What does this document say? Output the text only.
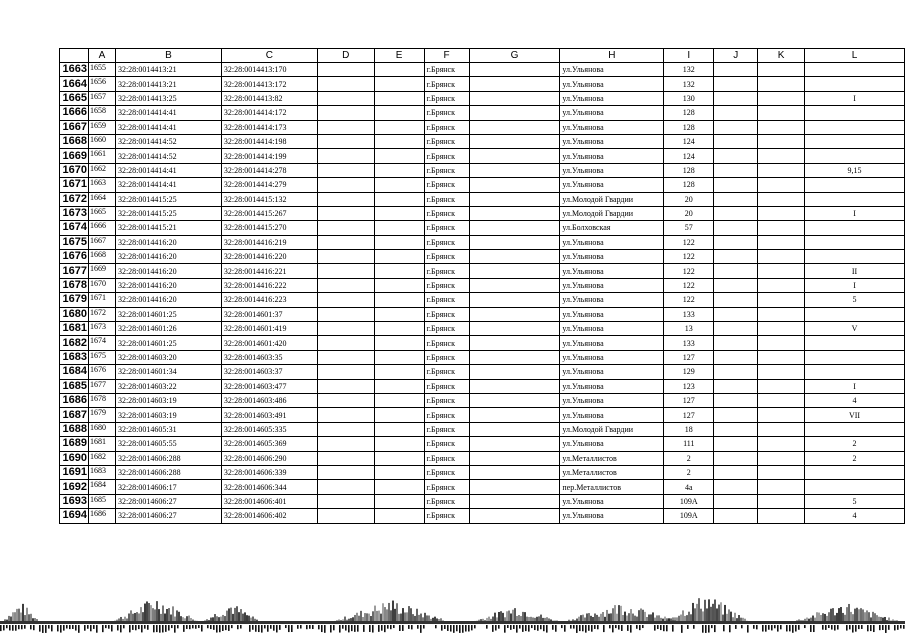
	A	B	C	D	E	F	G	H	I	J	K	L
1663	1655	32:28:0014413:21	32:28:0014413:170			г.Брянск		ул.Ульянова	132			
1664	1656	32:28:0014413:21	32:28:0014413:172			г.Брянск		ул.Ульянова	132			
1665	1657	32:28:0014413:25	32:28:0014413:82			г.Брянск		ул.Ульянова	130			I
1666	1658	32:28:0014414:41	32:28:0014414:172			г.Брянск		ул.Ульянова	128			
1667	1659	32:28:0014414:41	32:28:0014414:173			г.Брянск		ул.Ульянова	128			
1668	1660	32:28:0014414:52	32:28:0014414:198			г.Брянск		ул.Ульянова	124			
1669	1661	32:28:0014414:52	32:28:0014414:199			г.Брянск		ул.Ульянова	124			
1670	1662	32:28:0014414:41	32:28:0014414:278			г.Брянск		ул.Ульянова	128			9,15
1671	1663	32:28:0014414:41	32:28:0014414:279			г.Брянск		ул.Ульянова	128			
1672	1664	32:28:0014415:25	32:28:0014415:132			г.Брянск		ул.Молодой Гвардии	20			
1673	1665	32:28:0014415:25	32:28:0014415:267			г.Брянск		ул.Молодой Гвардии	20			I
1674	1666	32:28:0014415:21	32:28:0014415:270			г.Брянск		ул.Болховская	57			
1675	1667	32:28:0014416:20	32:28:0014416:219			г.Брянск		ул.Ульянова	122			
1676	1668	32:28:0014416:20	32:28:0014416:220			г.Брянск		ул.Ульянова	122			
1677	1669	32:28:0014416:20	32:28:0014416:221			г.Брянск		ул.Ульянова	122			II
1678	1670	32:28:0014416:20	32:28:0014416:222			г.Брянск		ул.Ульянова	122			I
1679	1671	32:28:0014416:20	32:28:0014416:223			г.Брянск		ул.Ульянова	122			5
1680	1672	32:28:0014601:25	32:28:0014601:37			г.Брянск		ул.Ульянова	133			
1681	1673	32:28:0014601:26	32:28:0014601:419			г.Брянск		ул.Ульянова	13			V
1682	1674	32:28:0014601:25	32:28:0014601:420			г.Брянск		ул.Ульянова	133			
1683	1675	32:28:0014603:20	32:28:0014603:35			г.Брянск		ул.Ульянова	127			
1684	1676	32:28:0014601:34	32:28:0014603:37			г.Брянск		ул.Ульянова	129			
1685	1677	32:28:0014603:22	32:28:0014603:477			г.Брянск		ул.Ульянова	123			I
1686	1678	32:28:0014603:19	32:28:0014603:486			г.Брянск		ул.Ульянова	127			4
1687	1679	32:28:0014603:19	32:28:0014603:491			г.Брянск		ул.Ульянова	127			VII
1688	1680	32:28:0014605:31	32:28:0014605:335			г.Брянск		ул.Молодой Гвардии	18			
1689	1681	32:28:0014605:55	32:28:0014605:369			г.Брянск		ул.Ульянова	111			2
1690	1682	32:28:0014606:288	32:28:0014606:290			г.Брянск		ул.Металлистов	2			2
1691	1683	32:28:0014606:288	32:28:0014606:339			г.Брянск		ул.Металлистов	2			
1692	1684	32:28:0014606:17	32:28:0014606:344			г.Брянск		пер.Металлистов	4а			
1693	1685	32:28:0014606:27	32:28:0014606:401			г.Брянск		ул.Ульянова	109А			5
1694	1686	32:28:0014606:27	32:28:0014606:402			г.Брянск		ул.Ульянова	109А			4
